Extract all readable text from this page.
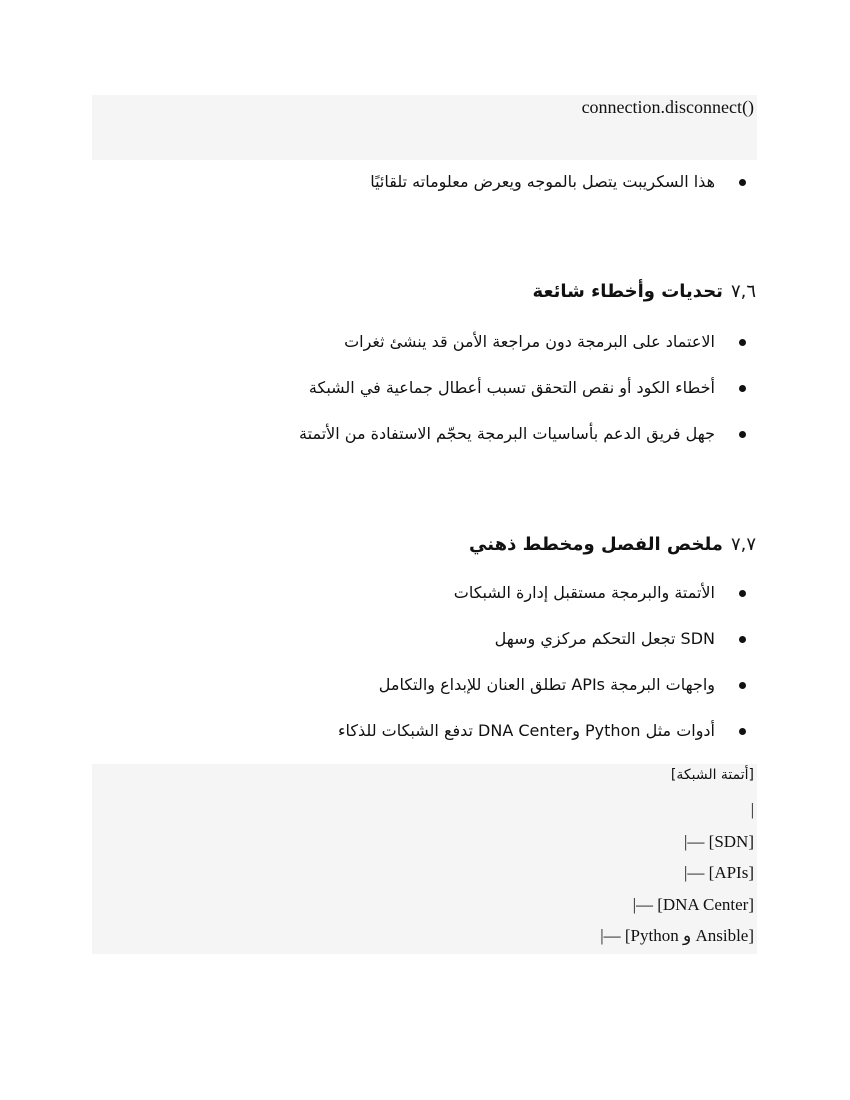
connection.disconnect()
هذا السكريبت يتصل بالموجه ويعرض معلوماته تلقائيًا
٧,٦تحديات وأخطاء شائعة
الاعتماد على البرمجة دون مراجعة الأمن قد ينشئ ثغرات
أخطاء الكود أو نقص التحقق تسبب أعطال جماعية في الشبكة
جهل فريق الدعم بأساسيات البرمجة يحجّم الاستفادة من الأتمتة
٧,٧ملخص الفصل ومخطط ذهني
الأتمتة والبرمجة مستقبل إدارة الشبكات
SDN تجعل التحكم مركزي وسهل
واجهات البرمجة APIs تطلق العنان للإبداع والتكامل
أدوات مثل Python وDNA Center تدفع الشبكات للذكاء
[أتمتة الشبكة]
|
|— [SDN]
|— [APIs]
|— [DNA Center]
|— [Python و Ansible]
